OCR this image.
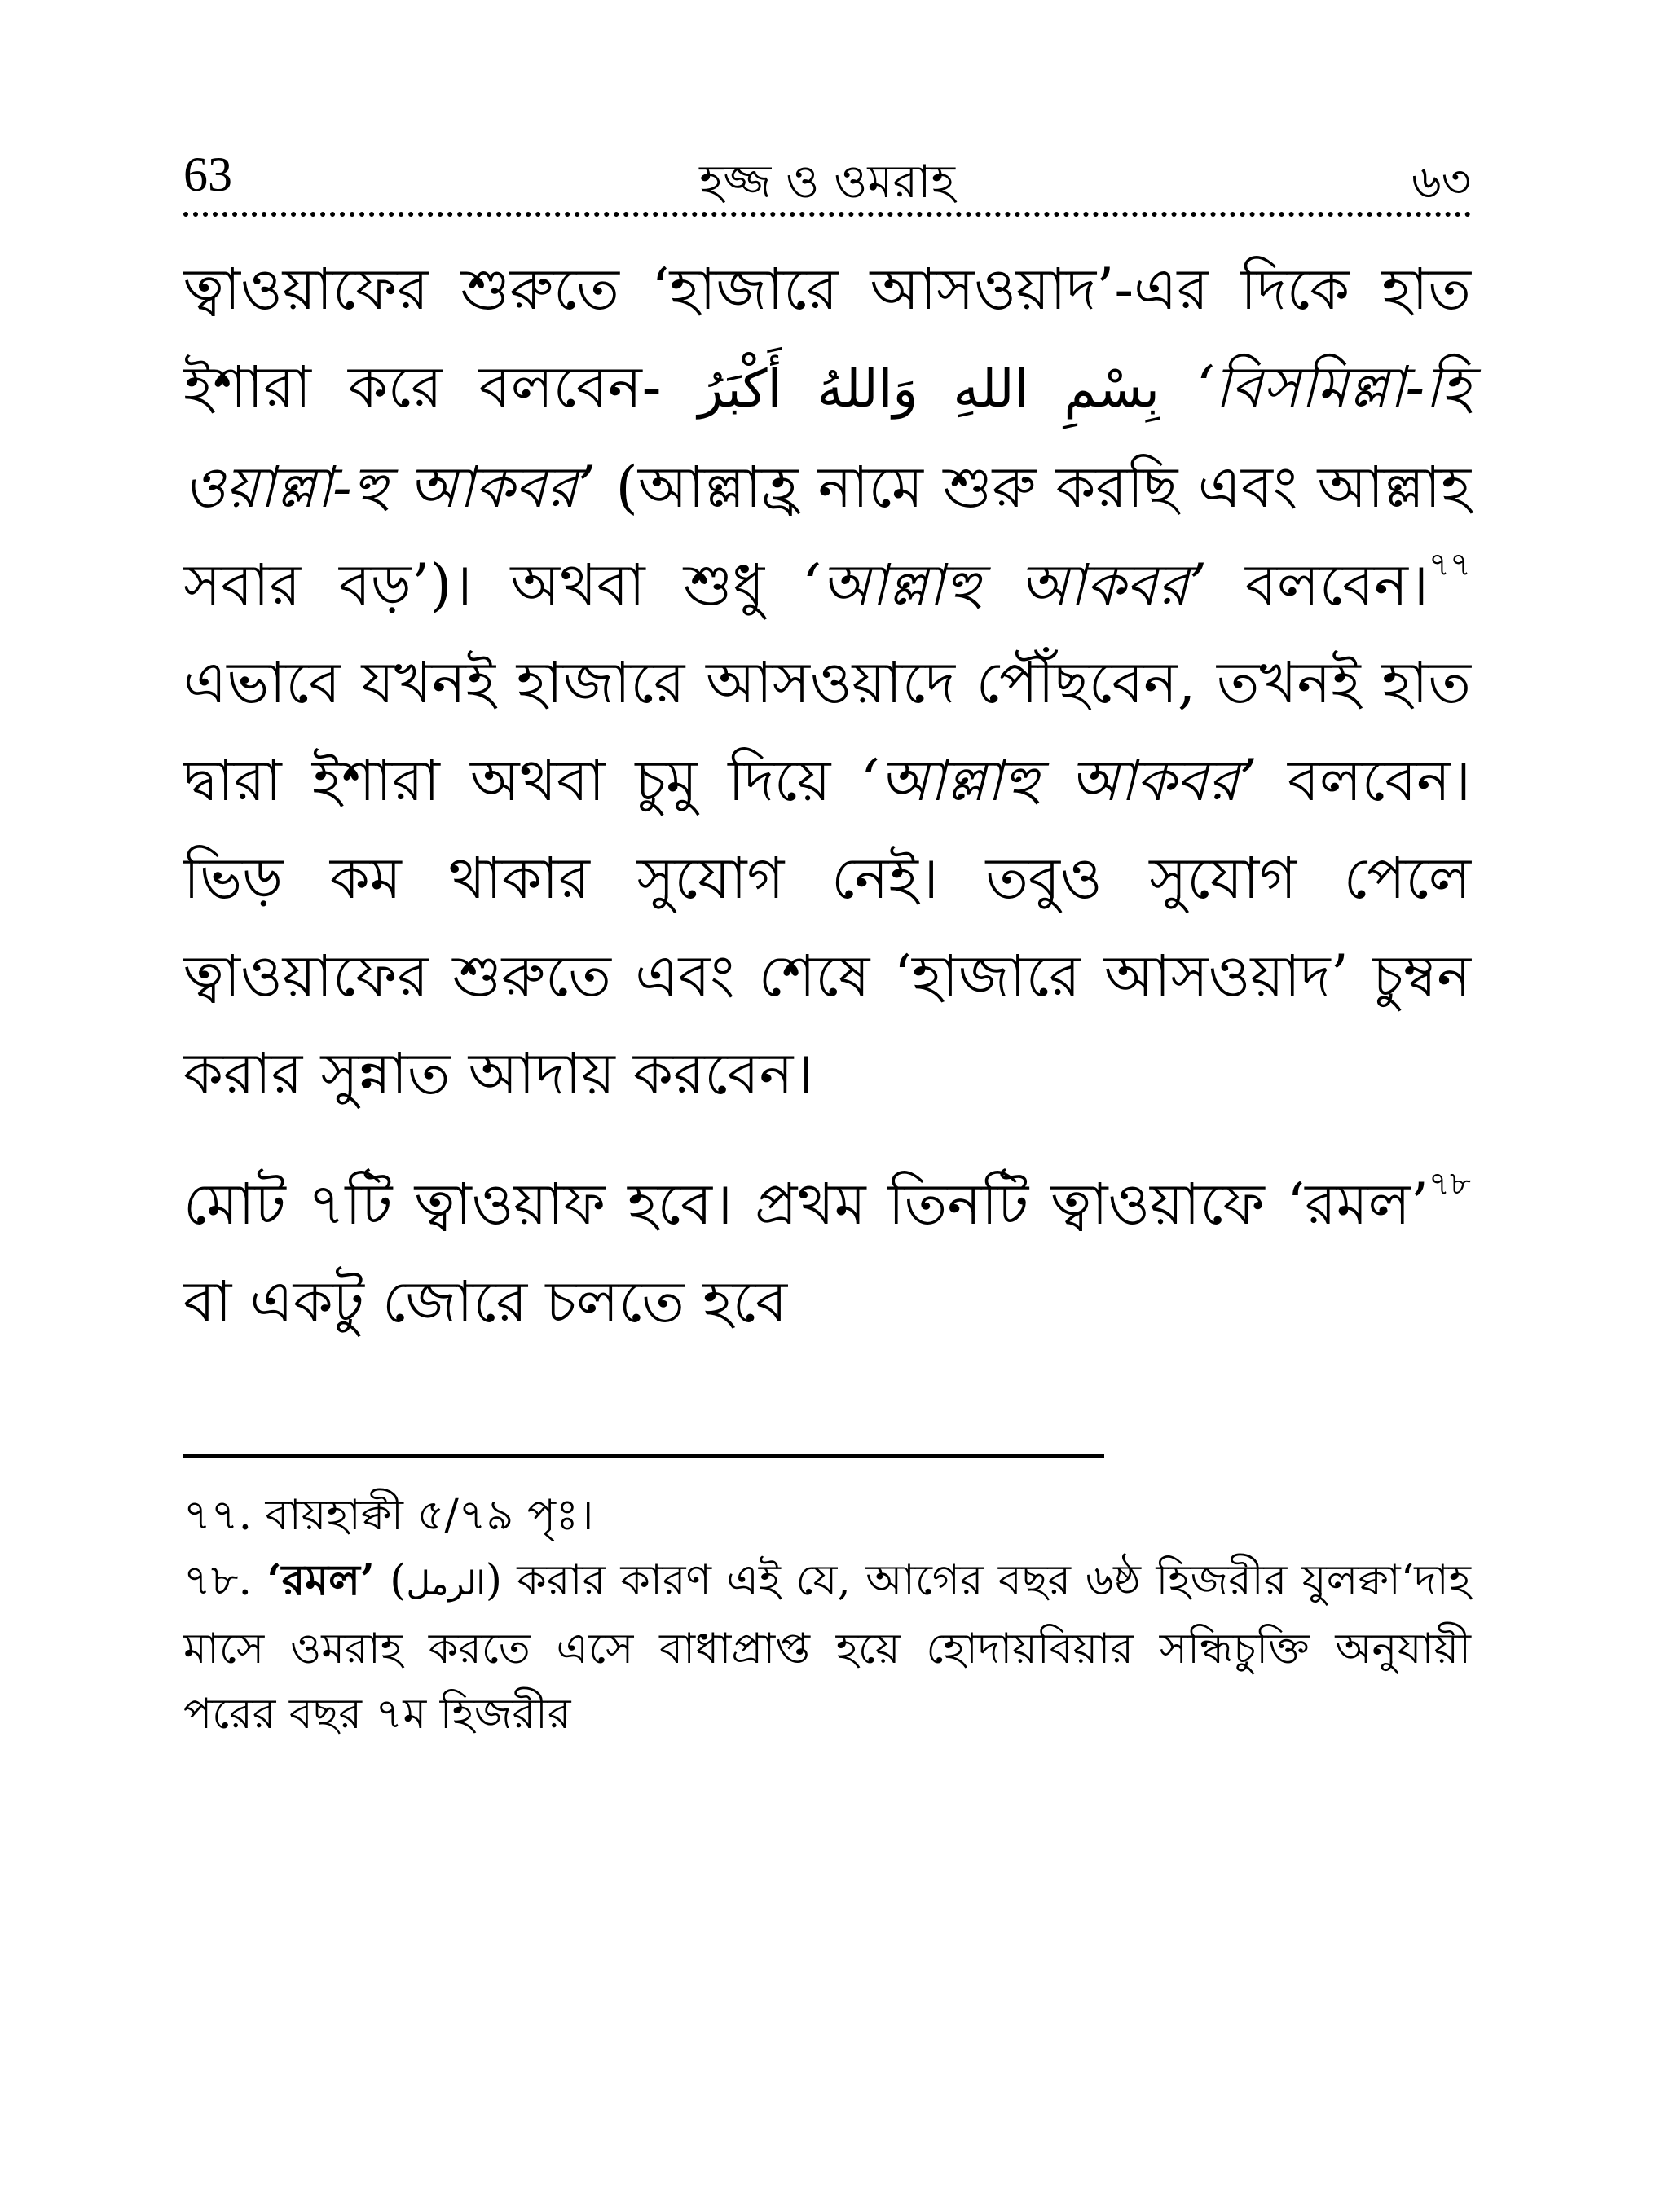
63	হজ্জ ও ওমরাহ	৬৩

ত্বাওয়াফের শুরুতে ‘হাজারে আসওয়াদ’-এর দিকে হাত ইশারা করে বলবেন- بِسْمِ اللهِ وَاللهُ أَكْبَرُ ‘বিসমিল্লা-হি ওয়াল্লা-হু আকবর’ (আল্লাহ্র নামে শুরু করছি এবং আল্লাহ সবার বড়’)। অথবা শুধু ‘আল্লাহু আকবর’ বলবেন।$^{৭৭}$ এভাবে যখনই হাজারে আসওয়াদে পৌঁছবেন, তখনই হাত দ্বারা ইশারা অথবা চুমু দিয়ে ‘আল্লাহু আকবর’ বলবেন। ভিড় কম থাকার সুযোগ নেই। তবুও সুযোগ পেলে ত্বাওয়াফের শুরুতে এবং শেষে ‘হাজারে আসওয়াদ’ চুম্বন করার সুন্নাত আদায় করবেন।

মোট ৭টি ত্বাওয়াফ হবে। প্রথম তিনটি ত্বাওয়াফে ‘রমল’$^{৭৮}$ বা একটু জোরে চলতে হবে

৭৭. বায়হাক্বী ৫/৭৯ পৃঃ।

৭৮. ‘রমল’ (الرمل) করার কারণ এই যে, আগের বছর ৬ষ্ঠ হিজরীর যুলক্বা‘দাহ মাসে ওমরাহ করতে এসে বাধাপ্রাপ্ত হয়ে হোদায়বিয়ার সন্ধিচুক্তি অনুযায়ী পরের বছর ৭ম হিজরীর
